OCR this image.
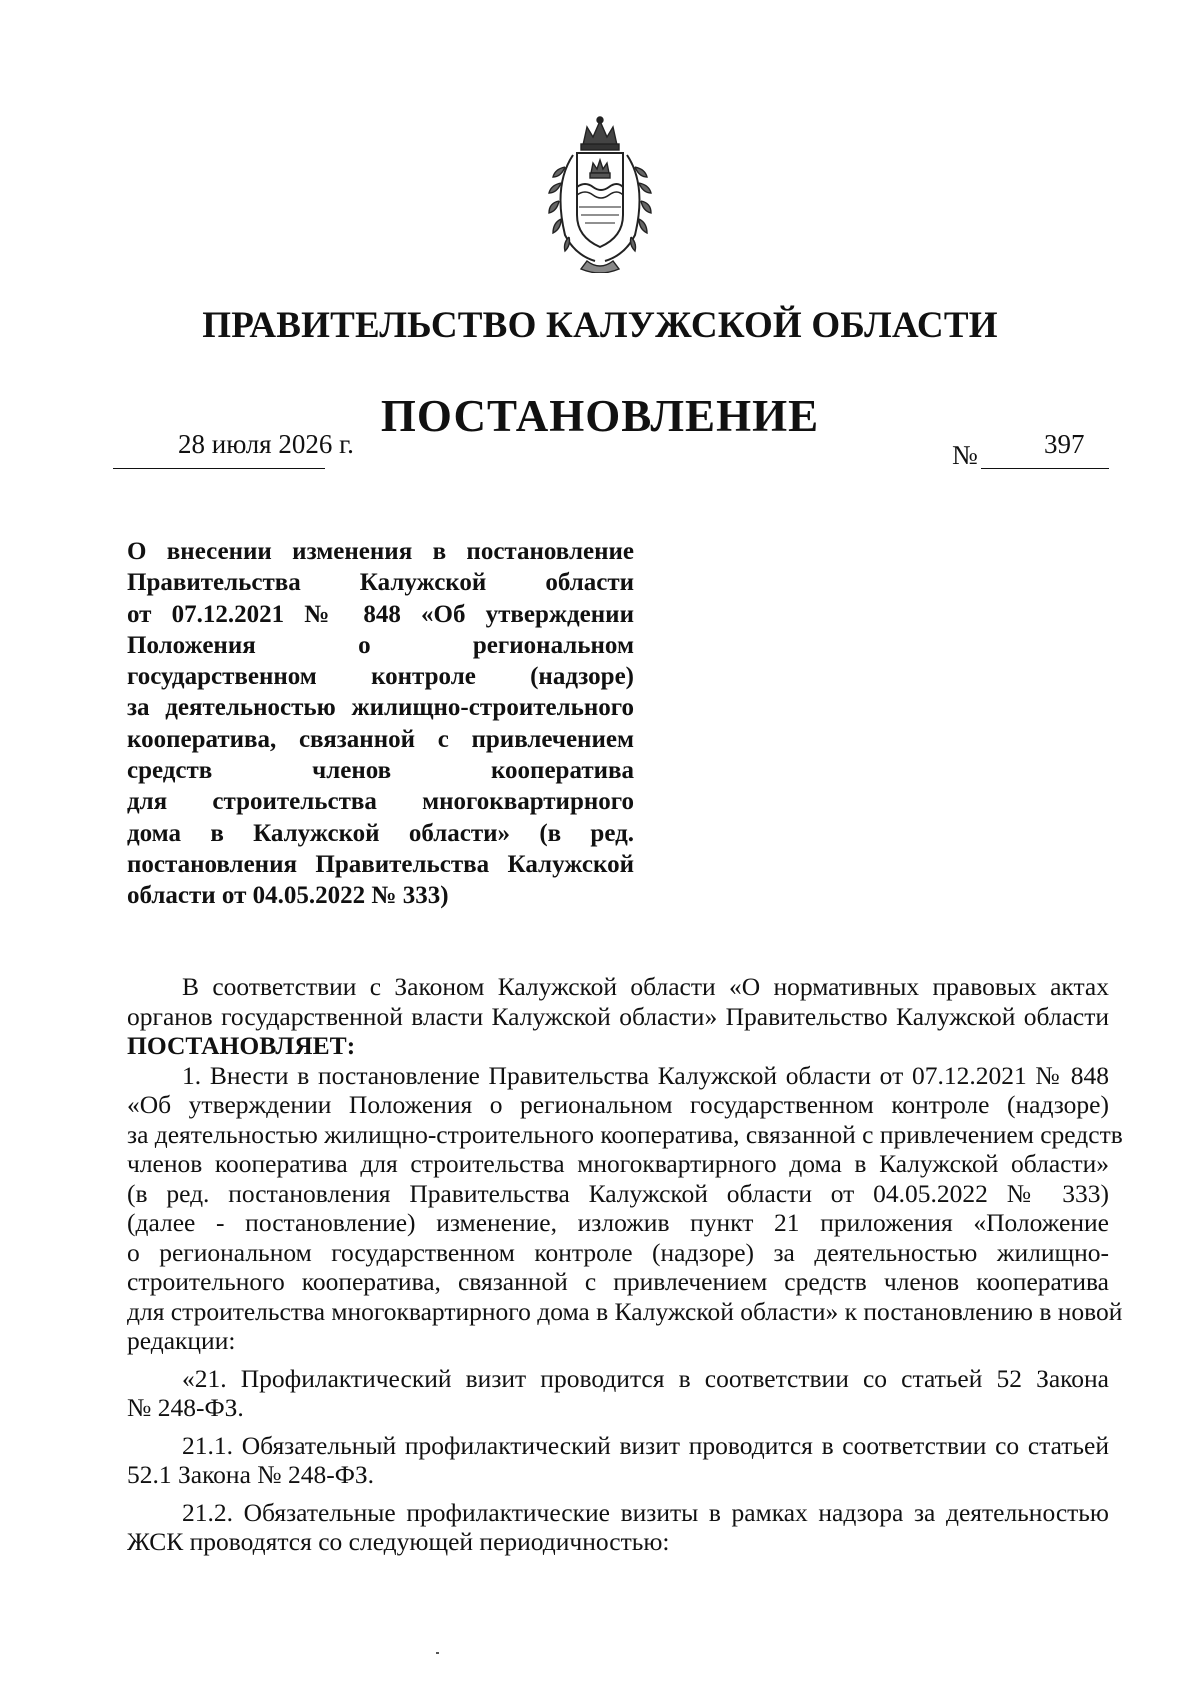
ПРАВИТЕЛЬСТВО КАЛУЖСКОЙ ОБЛАСТИ
ПОСТАНОВЛЕНИЕ
28 июля 2026 г.	№ 397
О внесении изменения в постановление
Правительства Калужской области
от 07.12.2021 № 848 «Об утверждении
Положения о региональном
государственном контроле (надзоре)
за деятельностью жилищно-строительного
кооператива, связанной с привлечением
средств членов кооператива
для строительства многоквартирного
дома в Калужской области» (в ред.
постановления Правительства Калужской
области от 04.05.2022 № 333)
В соответствии с Законом Калужской области «О нормативных правовых актах
органов государственной власти Калужской области» Правительство Калужской области
ПОСТАНОВЛЯЕТ:
1. Внести в постановление Правительства Калужской области от 07.12.2021 № 848
«Об утверждении Положения о региональном государственном контроле (надзоре)
за деятельностью жилищно-строительного кооператива, связанной с привлечением средств
членов кооператива для строительства многоквартирного дома в Калужской области»
(в ред. постановления Правительства Калужской области от 04.05.2022 № 333)
(далее - постановление) изменение, изложив пункт 21 приложения «Положение
о региональном государственном контроле (надзоре) за деятельностью жилищно-
строительного кооператива, связанной с привлечением средств членов кооператива
для строительства многоквартирного дома в Калужской области» к постановлению в новой
редакции:
«21. Профилактический визит проводится в соответствии со статьей 52 Закона
№ 248-ФЗ.
21.1. Обязательный профилактический визит проводится в соответствии со статьей
52.1 Закона № 248-ФЗ.
21.2. Обязательные профилактические визиты в рамках надзора за деятельностью
ЖСК проводятся со следующей периодичностью:
